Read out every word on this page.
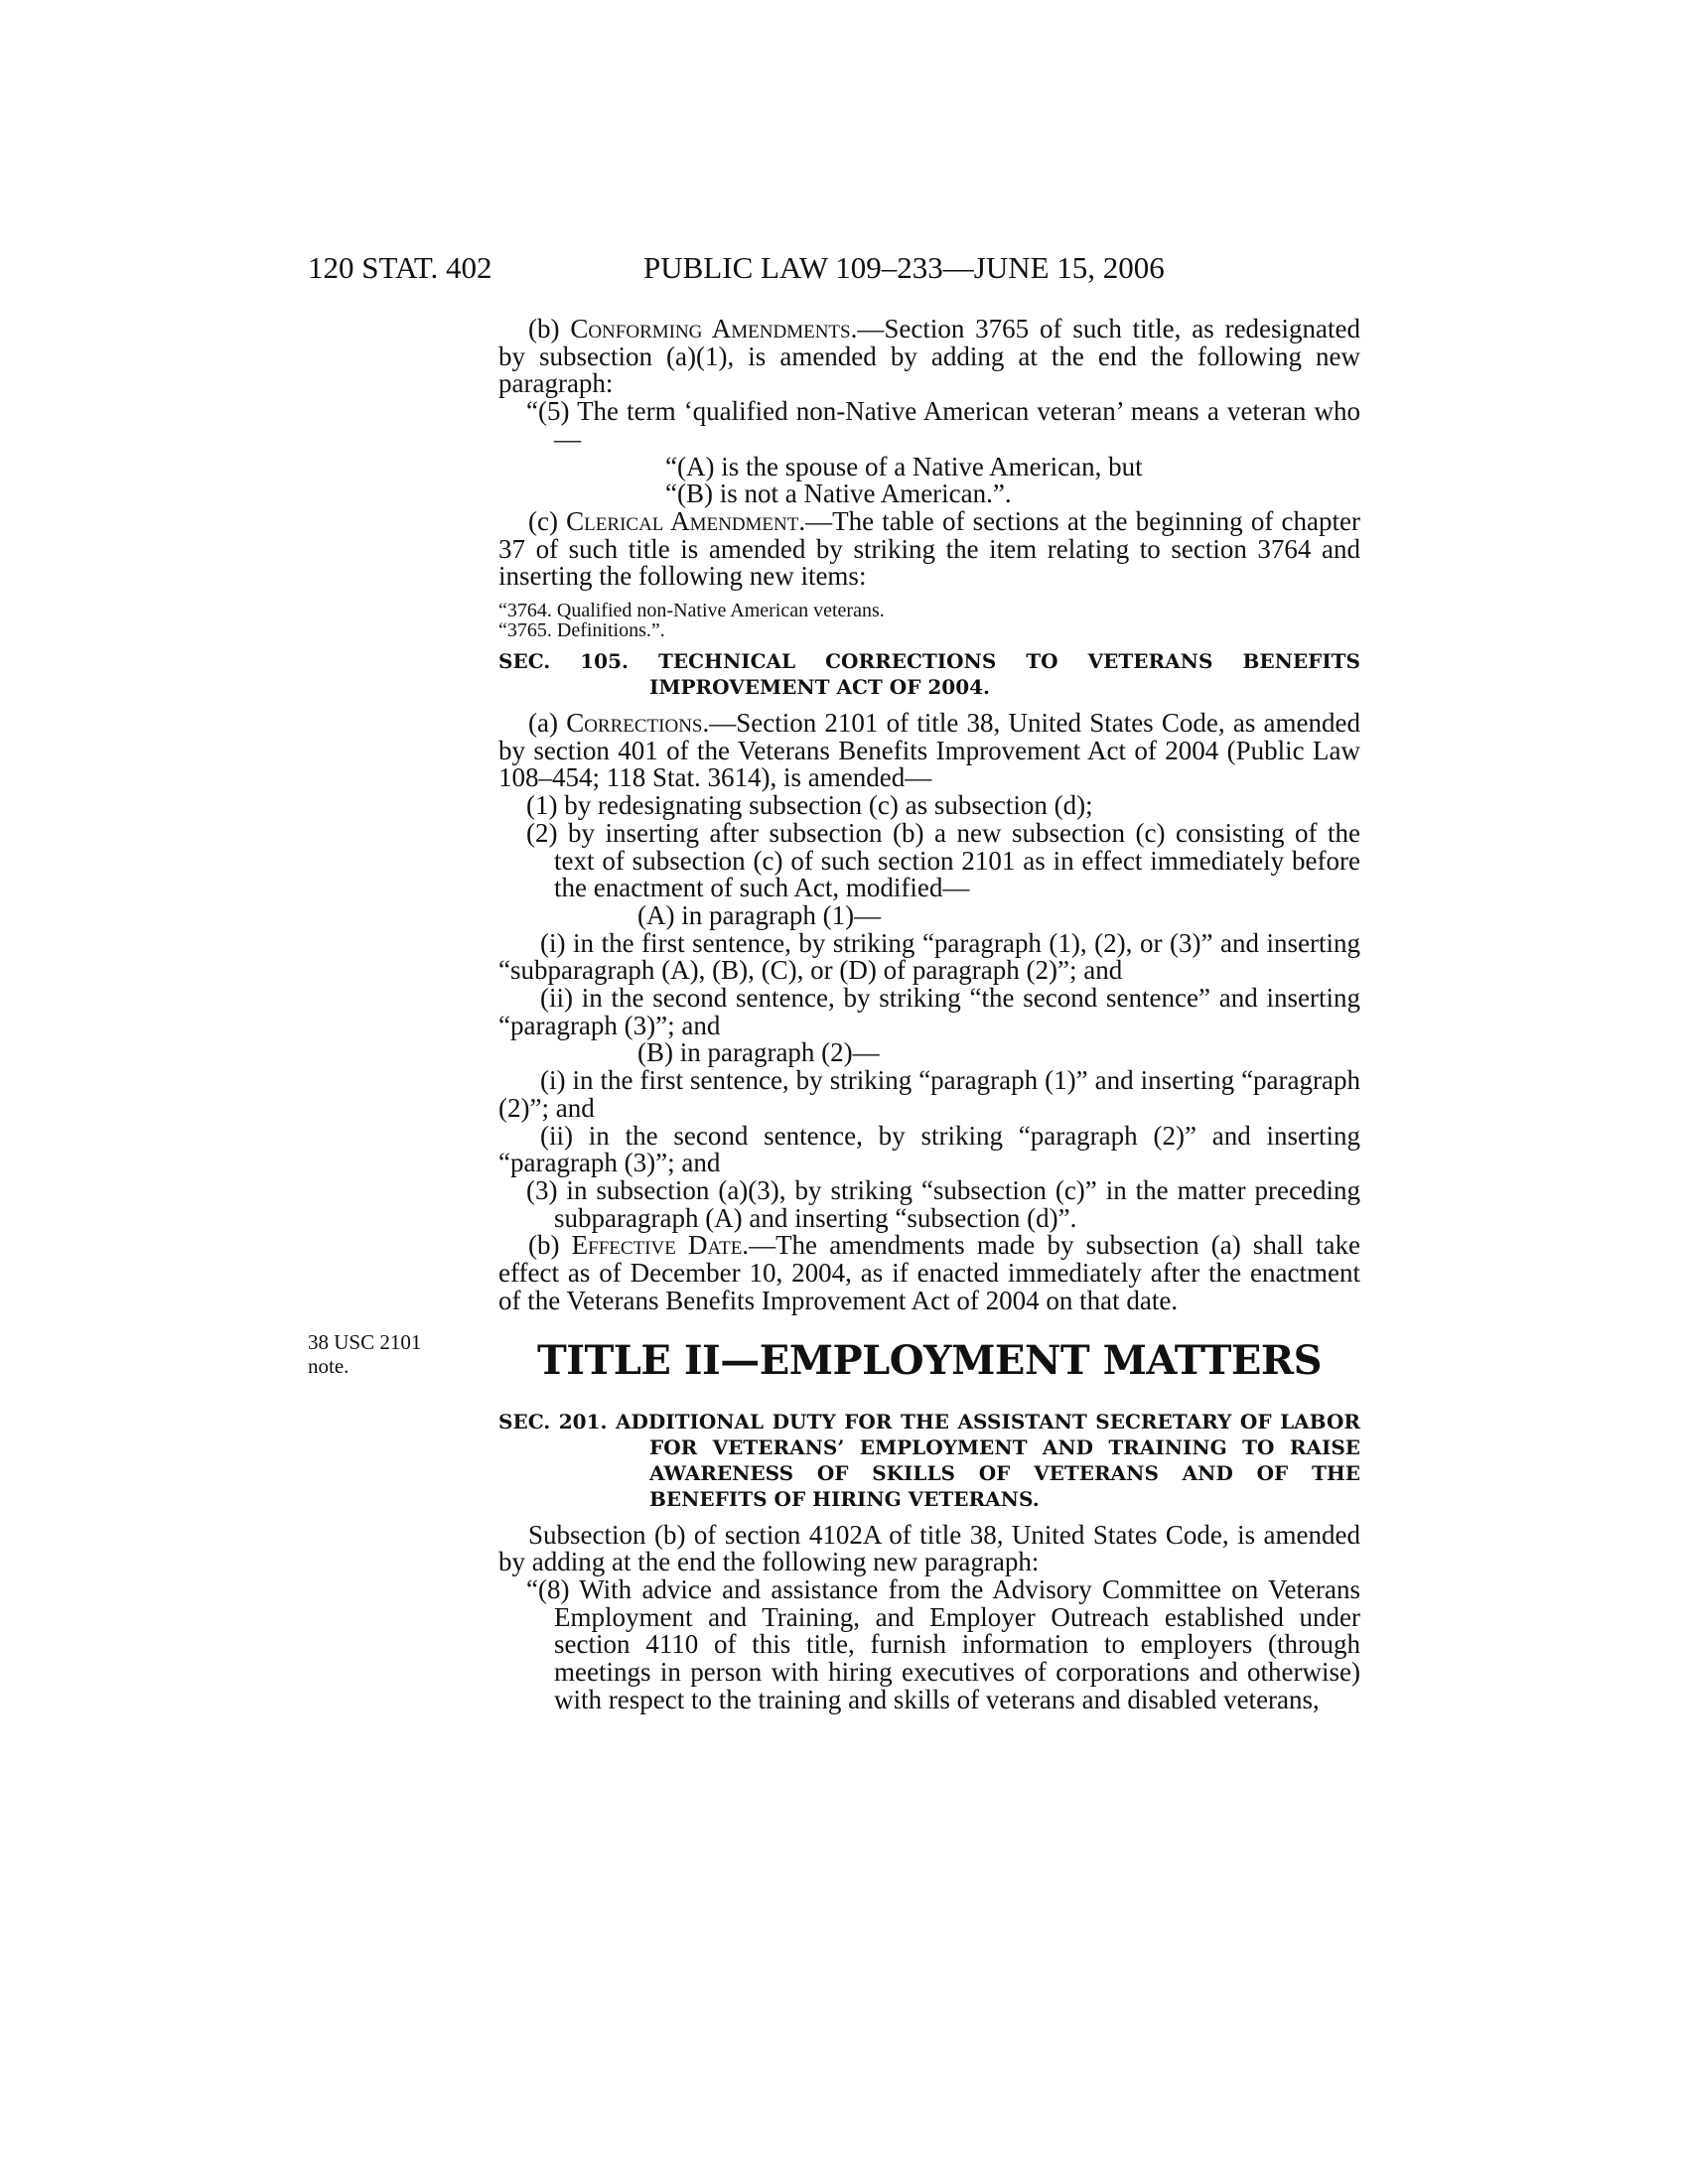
120 STAT. 402	PUBLIC LAW 109–233—JUNE 15, 2006
38 USC 2101
note.

(b) Conforming Amendments.—Section 3765 of such title, as redesignated by subsection (a)(1), is amended by adding at the end the following new paragraph:

“(5) The term ‘qualified non-Native American veteran’ means a veteran who—

“(A) is the spouse of a Native American, but

“(B) is not a Native American.”.

(c) Clerical Amendment.—The table of sections at the beginning of chapter 37 of such title is amended by striking the item relating to section 3764 and inserting the following new items:

“3764. Qualified non-Native American veterans.
“3765. Definitions.”.
SEC. 105. TECHNICAL CORRECTIONS TO VETERANS BENEFITS IMPROVEMENT ACT OF 2004.

(a) Corrections.—Section 2101 of title 38, United States Code, as amended by section 401 of the Veterans Benefits Improvement Act of 2004 (Public Law 108–454; 118 Stat. 3614), is amended—

(1) by redesignating subsection (c) as subsection (d);

(2) by inserting after subsection (b) a new subsection (c) consisting of the text of subsection (c) of such section 2101 as in effect immediately before the enactment of such Act, modified—

(A) in paragraph (1)—

(i) in the first sentence, by striking “paragraph (1), (2), or (3)” and inserting “subparagraph (A), (B), (C), or (D) of paragraph (2)”; and

(ii) in the second sentence, by striking “the second sentence” and inserting “paragraph (3)”; and

(B) in paragraph (2)—

(i) in the first sentence, by striking “paragraph (1)” and inserting “paragraph (2)”; and

(ii) in the second sentence, by striking “paragraph (2)” and inserting “paragraph (3)”; and

(3) in subsection (a)(3), by striking “subsection (c)” in the matter preceding subparagraph (A) and inserting “subsection (d)”.

(b) Effective Date.—The amendments made by subsection (a) shall take effect as of December 10, 2004, as if enacted immediately after the enactment of the Veterans Benefits Improvement Act of 2004 on that date.

TITLE II—EMPLOYMENT MATTERS
SEC. 201. ADDITIONAL DUTY FOR THE ASSISTANT SECRETARY OF LABOR FOR VETERANS’ EMPLOYMENT AND TRAINING TO RAISE AWARENESS OF SKILLS OF VETERANS AND OF THE BENEFITS OF HIRING VETERANS.

Subsection (b) of section 4102A of title 38, United States Code, is amended by adding at the end the following new paragraph:

“(8) With advice and assistance from the Advisory Committee on Veterans Employment and Training, and Employer Outreach established under section 4110 of this title, furnish information to employers (through meetings in person with hiring executives of corporations and otherwise) with respect to the training and skills of veterans and disabled veterans,
